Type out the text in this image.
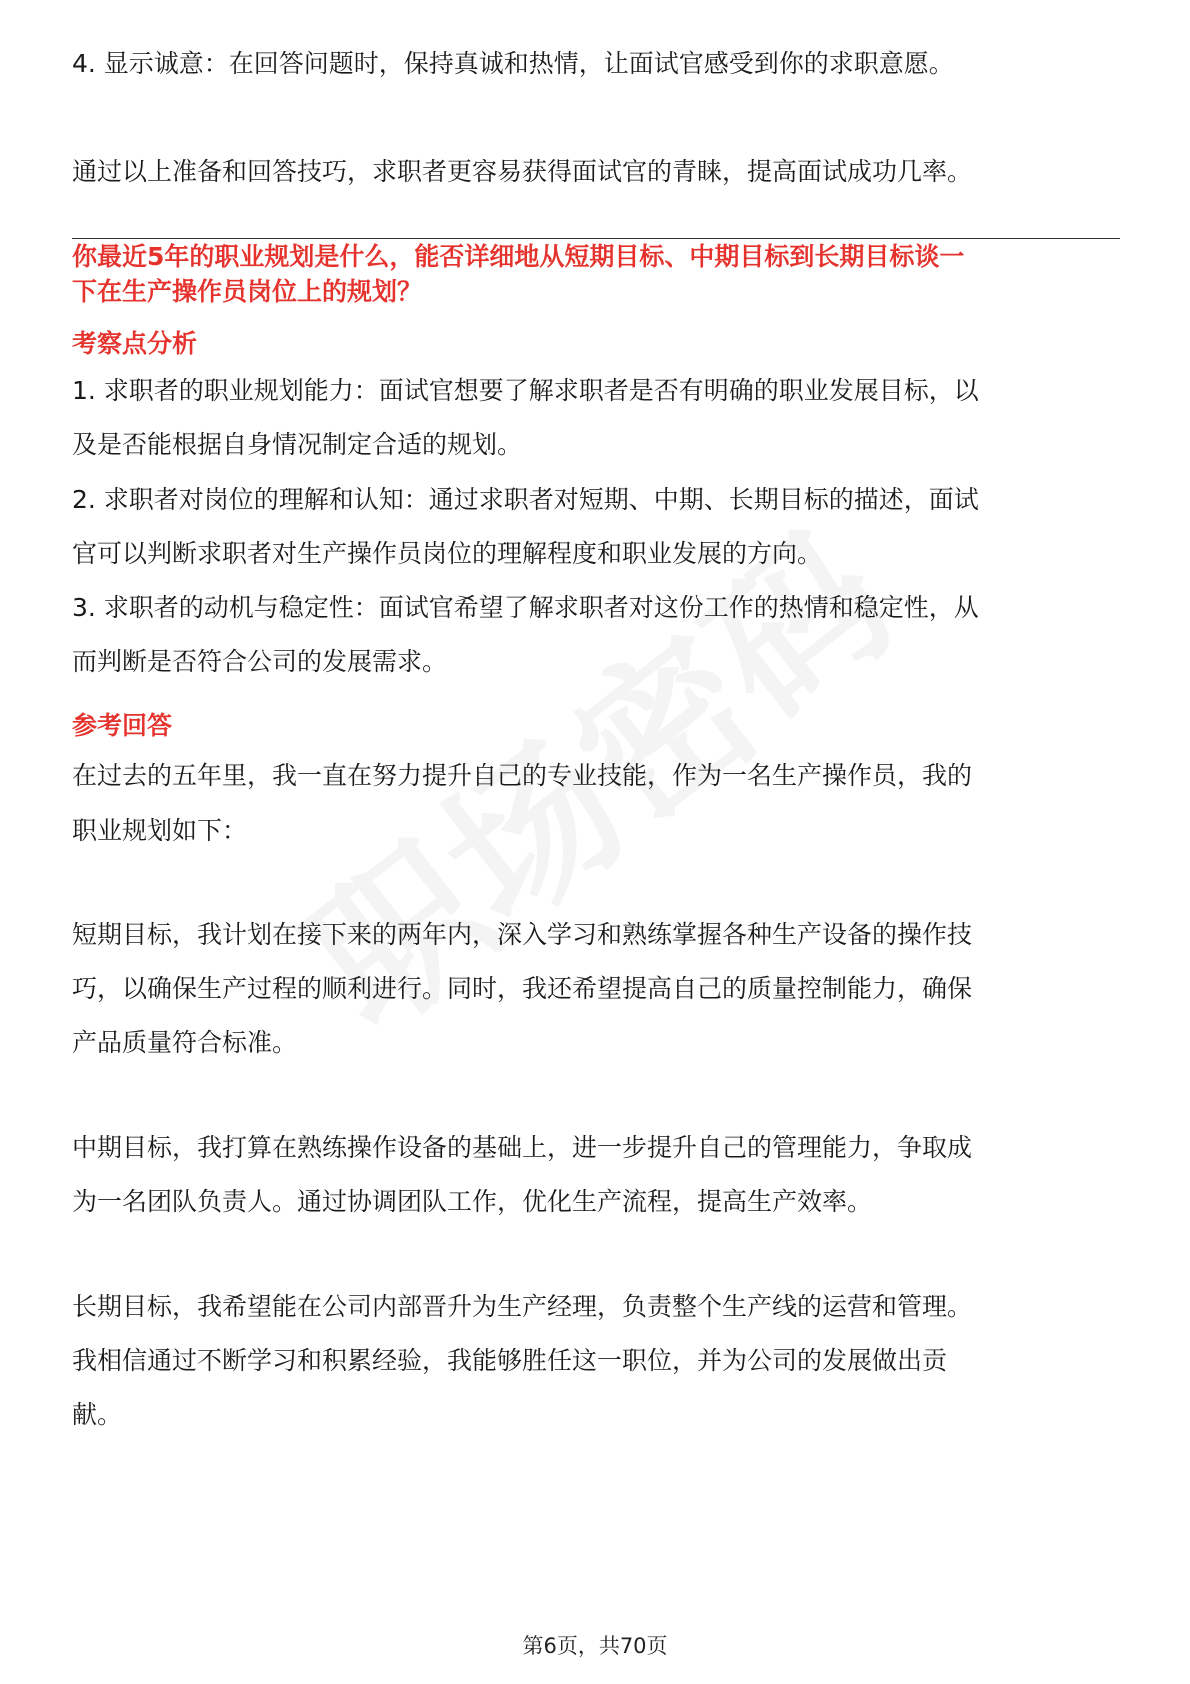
4. 显示诚意：在回答问题时，保持真诚和热情，让面试官感受到你的求职意愿。
通过以上准备和回答技巧，求职者更容易获得面试官的青睐，提高面试成功几率。
你最近5年的职业规划是什么，能否详细地从短期目标、中期目标到长期目标谈一
下在生产操作员岗位上的规划？
考察点分析
1. 求职者的职业规划能力：面试官想要了解求职者是否有明确的职业发展目标，以
及是否能根据自身情况制定合适的规划。
2. 求职者对岗位的理解和认知：通过求职者对短期、中期、长期目标的描述，面试
官可以判断求职者对生产操作员岗位的理解程度和职业发展的方向。
3. 求职者的动机与稳定性：面试官希望了解求职者对这份工作的热情和稳定性，从
而判断是否符合公司的发展需求。
参考回答
在过去的五年里，我一直在努力提升自己的专业技能，作为一名生产操作员，我的
职业规划如下：
短期目标，我计划在接下来的两年内，深入学习和熟练掌握各种生产设备的操作技
巧，以确保生产过程的顺利进行。同时，我还希望提高自己的质量控制能力，确保
产品质量符合标准。
中期目标，我打算在熟练操作设备的基础上，进一步提升自己的管理能力，争取成
为一名团队负责人。通过协调团队工作，优化生产流程，提高生产效率。
长期目标，我希望能在公司内部晋升为生产经理，负责整个生产线的运营和管理。
我相信通过不断学习和积累经验，我能够胜任这一职位，并为公司的发展做出贡
献。
第6页，共70页
